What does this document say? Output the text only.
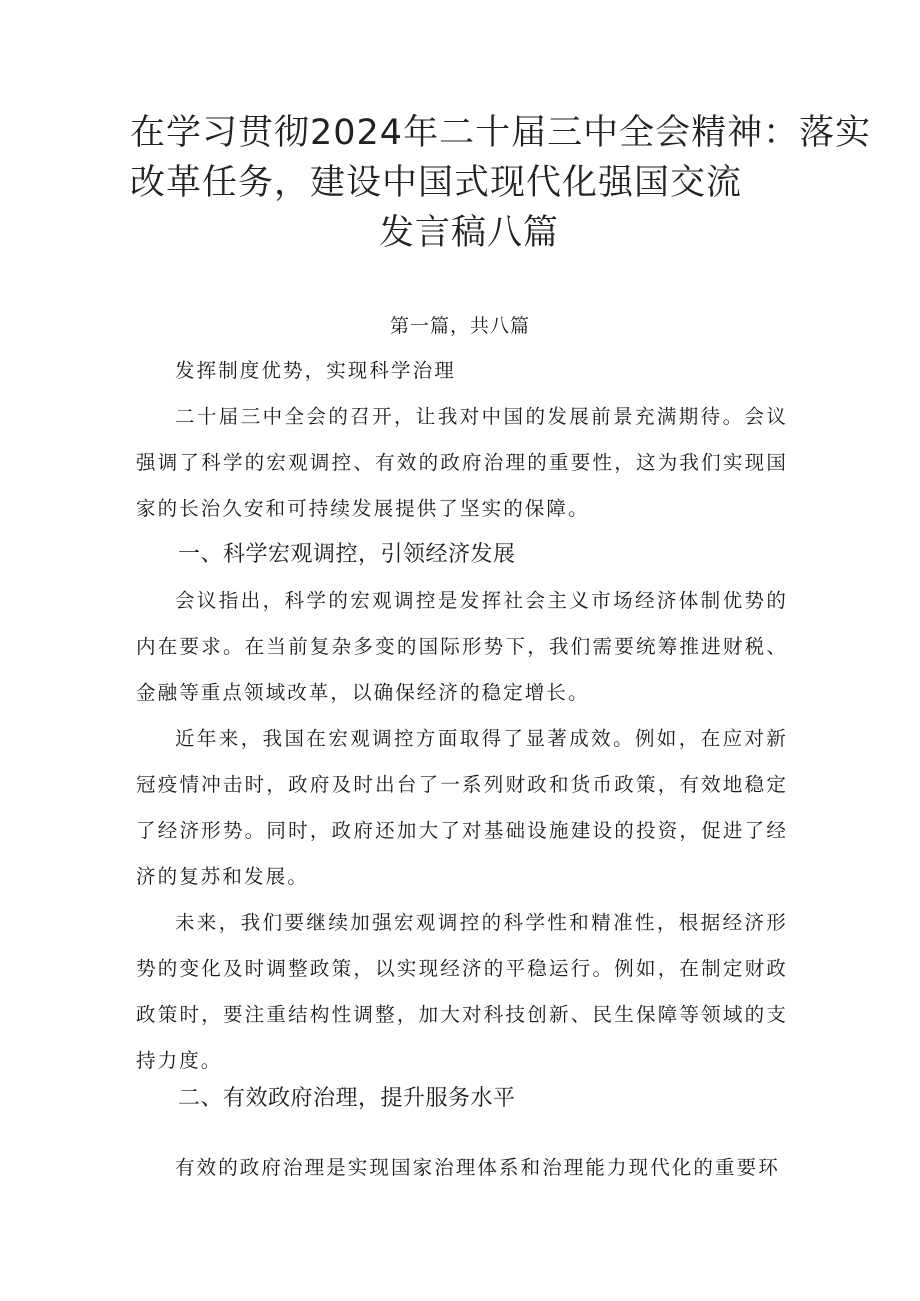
在学习贯彻2024年二十届三中全会精神：落实
改革任务，建设中国式现代化强国交流
发言稿八篇
第一篇，共八篇

发挥制度优势，实现科学治理

二十届三中全会的召开，让我对中国的发展前景充满期待。会议强调了科学的宏观调控、有效的政府治理的重要性，这为我们实现国家的长治久安和可持续发展提供了坚实的保障。

一、科学宏观调控，引领经济发展

会议指出，科学的宏观调控是发挥社会主义市场经济体制优势的内在要求。在当前复杂多变的国际形势下，我们需要统筹推进财税、金融等重点领域改革，以确保经济的稳定增长。

近年来，我国在宏观调控方面取得了显著成效。例如，在应对新冠疫情冲击时，政府及时出台了一系列财政和货币政策，有效地稳定了经济形势。同时，政府还加大了对基础设施建设的投资，促进了经济的复苏和发展。

未来，我们要继续加强宏观调控的科学性和精准性，根据经济形势的变化及时调整政策，以实现经济的平稳运行。例如，在制定财政政策时，要注重结构性调整，加大对科技创新、民生保障等领域的支持力度。

二、有效政府治理，提升服务水平

有效的政府治理是实现国家治理体系和治理能力现代化的重要环
